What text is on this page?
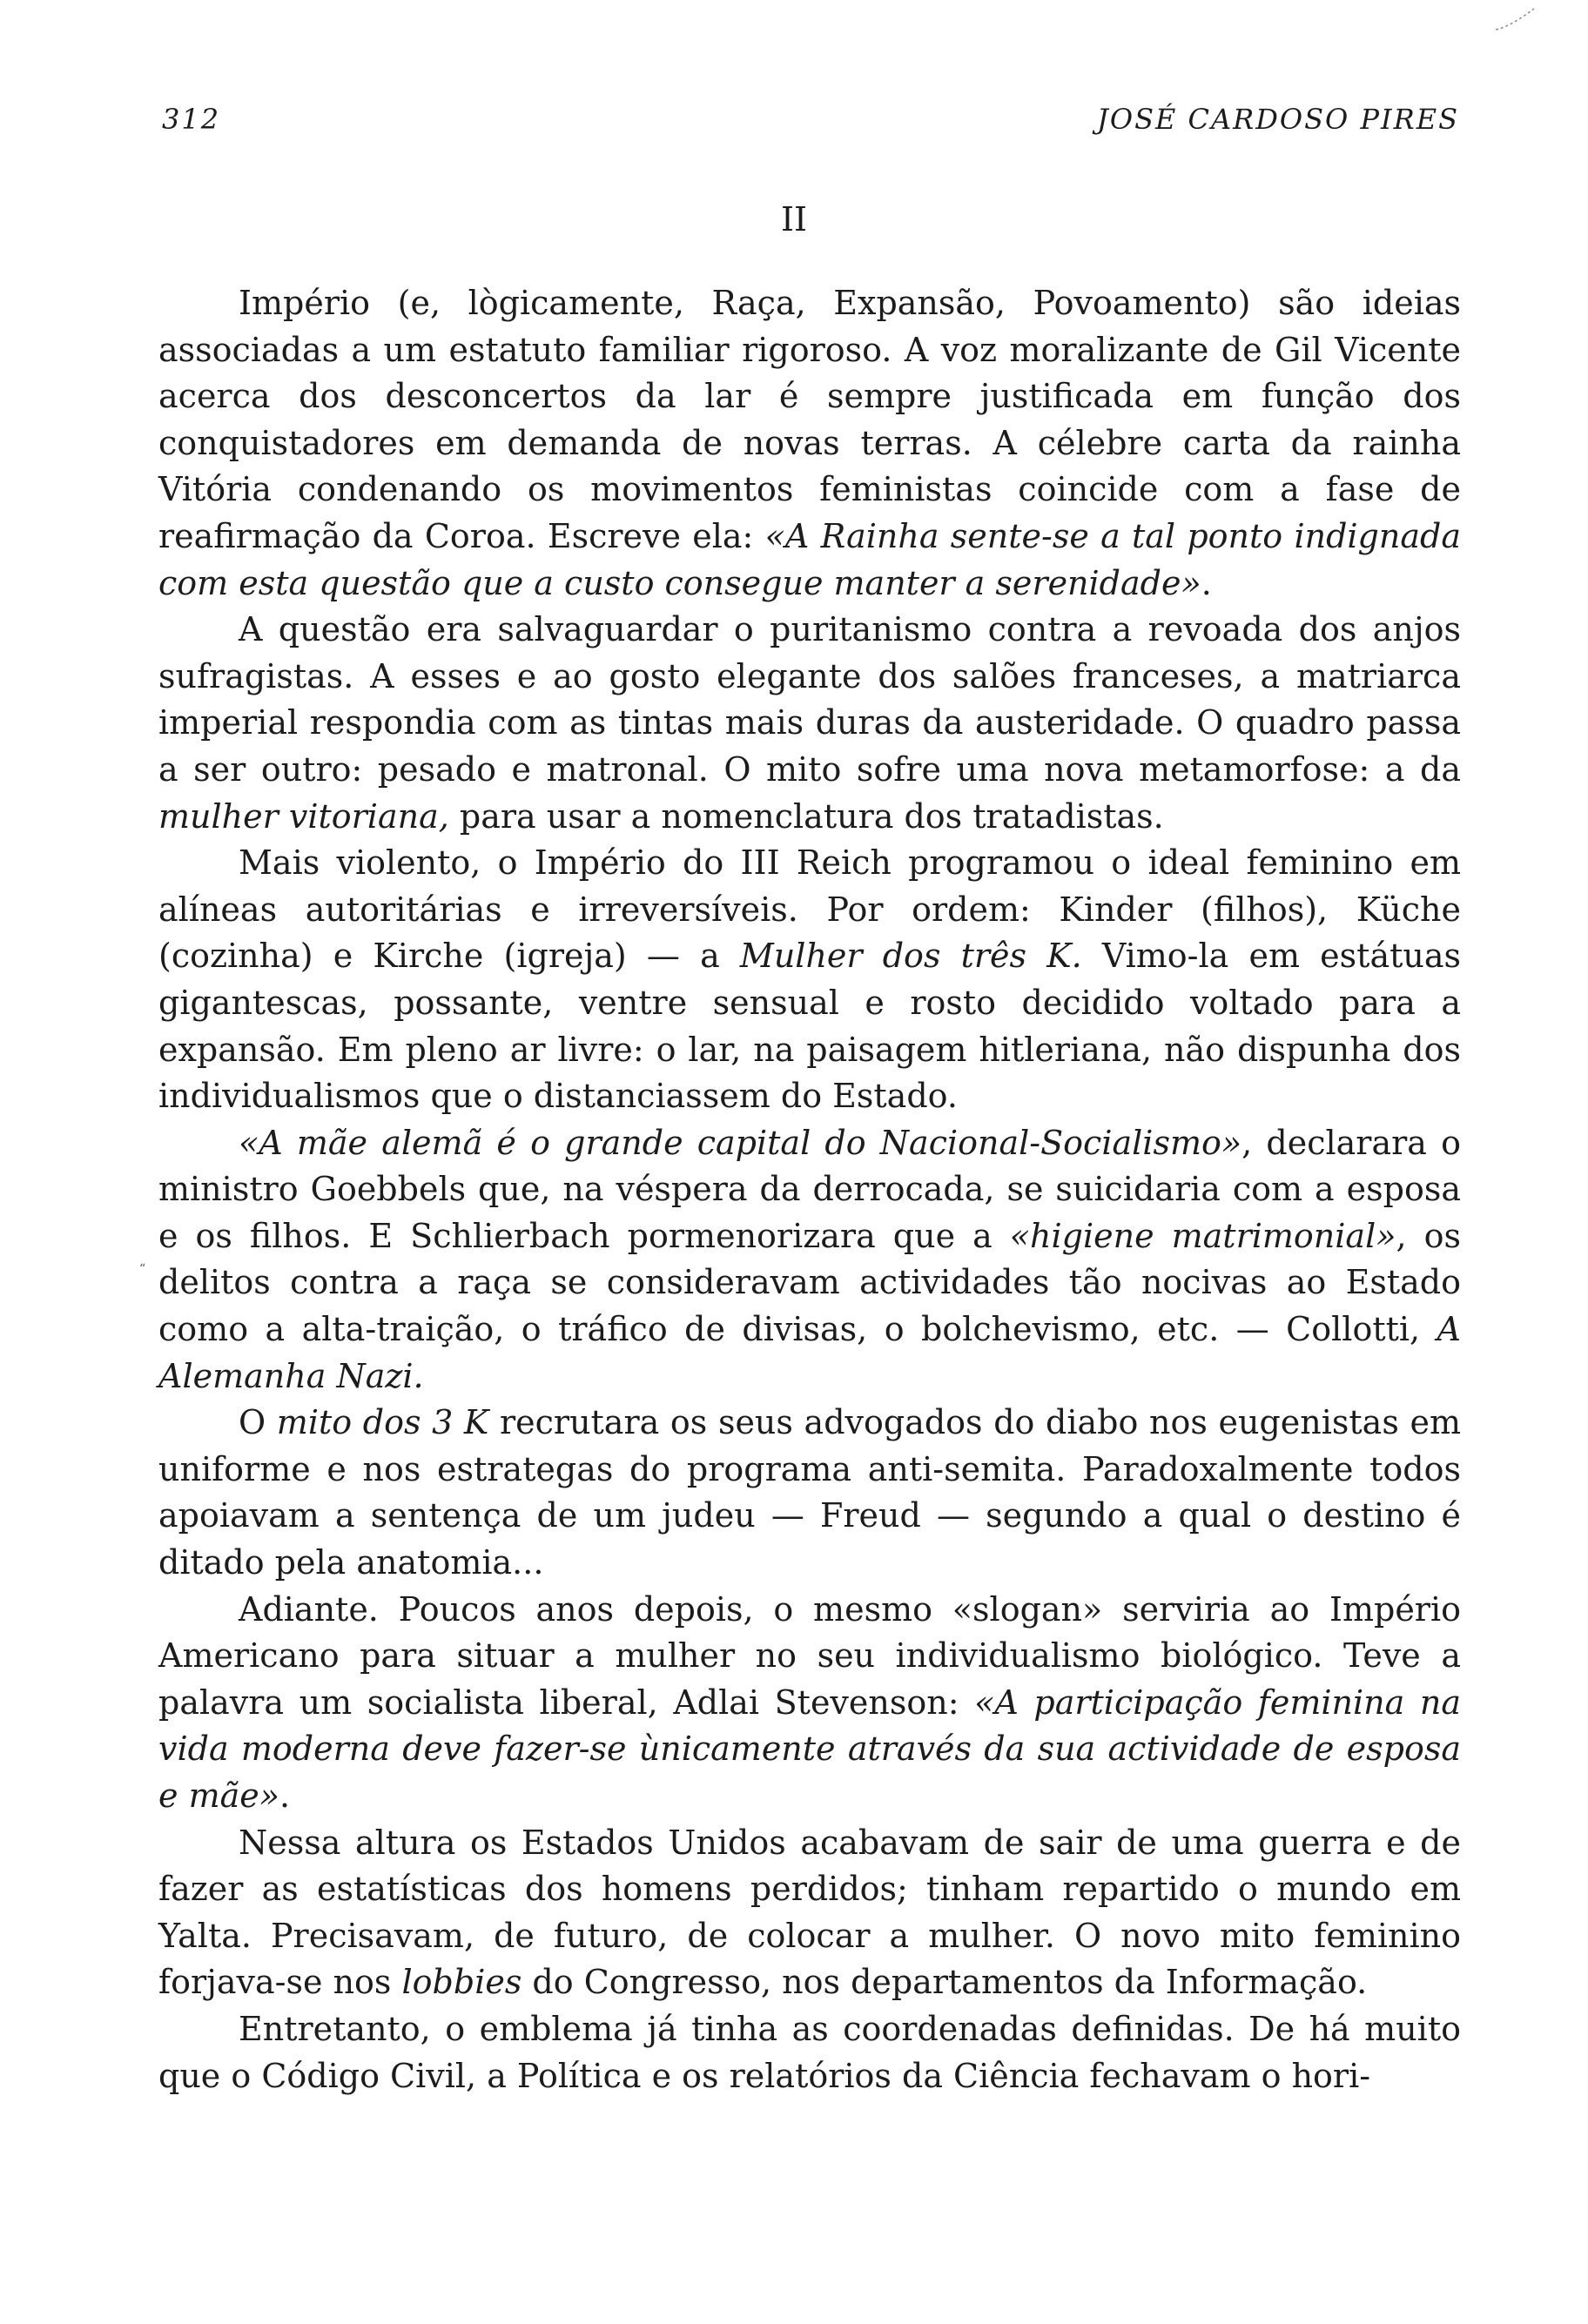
312	JOSÉ CARDOSO PIRES
II

Império (e, lògicamente, Raça, Expansão, Povoamento) são ideias associadas a um estatuto familiar rigoroso. A voz moralizante de Gil Vicente acerca dos desconcertos da lar é sempre justificada em função dos conquistadores em demanda de novas terras. A célebre carta da rainha Vitória condenando os movimentos feministas coincide com a fase de reafirmação da Coroa. Escreve ela: «A Rainha sente-se a tal ponto indignada com esta questão que a custo consegue manter a serenidade».

A questão era salvaguardar o puritanismo contra a revoada dos anjos sufragistas. A esses e ao gosto elegante dos salões franceses, a matriarca imperial respondia com as tintas mais duras da austeridade. O quadro passa a ser outro: pesado e matronal. O mito sofre uma nova metamorfose: a da mulher vitoriana, para usar a nomenclatura dos tratadistas.

Mais violento, o Império do III Reich programou o ideal feminino em alíneas autoritárias e irreversíveis. Por ordem: Kinder (filhos), Küche (cozinha) e Kirche (igreja) — a Mulher dos três K. Vimo-la em estátuas gigantescas, possante, ventre sensual e rosto decidido voltado para a expansão. Em pleno ar livre: o lar, na paisagem hitleriana, não dispunha dos individualismos que o distanciassem do Estado.

«A mãe alemã é o grande capital do Nacional-Socialismo», declarara o ministro Goebbels que, na véspera da derrocada, se suicidaria com a esposa e os filhos. E Schlierbach pormenorizara que a «higiene matrimonial», os delitos contra a raça se consideravam actividades tão nocivas ao Estado como a alta-traição, o tráfico de divisas, o bolchevismo, etc. — Collotti, A Alemanha Nazi.

O mito dos 3 K recrutara os seus advogados do diabo nos eugenistas em uniforme e nos estrategas do programa anti-semita. Paradoxalmente todos apoiavam a sentença de um judeu — Freud — segundo a qual o destino é ditado pela anatomia...

Adiante. Poucos anos depois, o mesmo «slogan» serviria ao Império Americano para situar a mulher no seu individualismo biológico. Teve a palavra um socialista liberal, Adlai Stevenson: «A participação feminina na vida moderna deve fazer-se ùnicamente através da sua actividade de esposa e mãe».

Nessa altura os Estados Unidos acabavam de sair de uma guerra e de fazer as estatísticas dos homens perdidos; tinham repartido o mundo em Yalta. Precisavam, de futuro, de colocar a mulher. O novo mito feminino forjava-se nos lobbies do Congresso, nos departamentos da Informação.

Entretanto, o emblema já tinha as coordenadas definidas. De há muito que o Código Civil, a Política e os relatórios da Ciência fechavam o hori-

“
